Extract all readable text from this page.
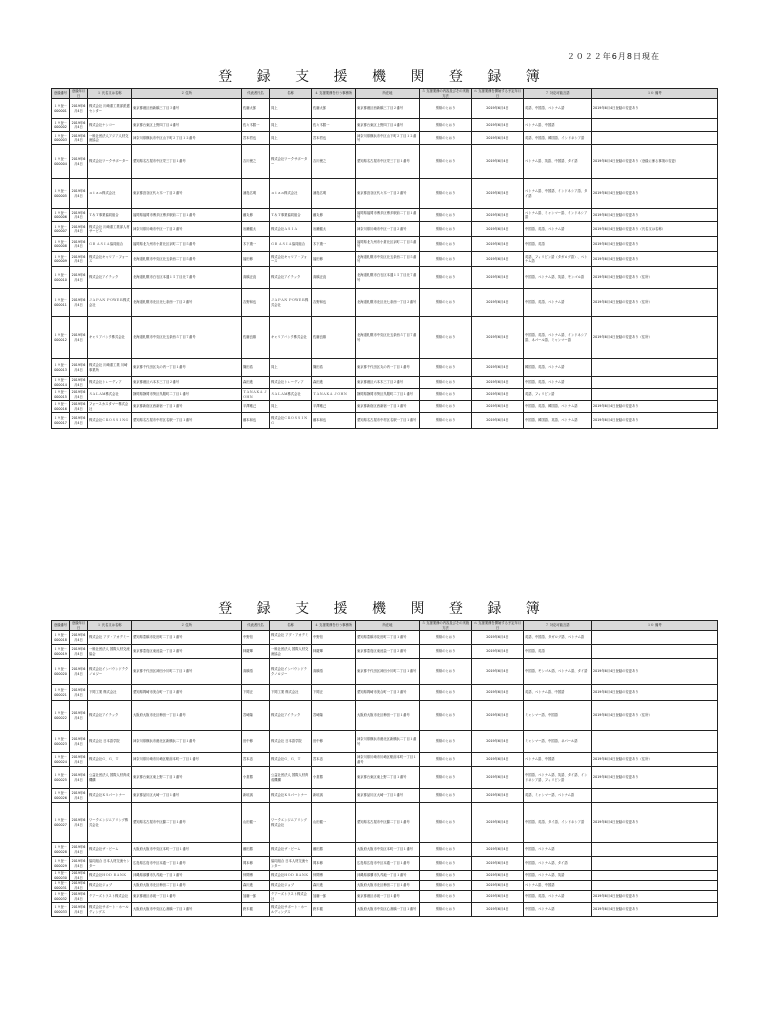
２０２２年6月8日現在
登 録 支 援 機 関 登 録 簿
登録番号	登録年月日	１ 氏名又は名称	２ 住所	代表者氏名	名称	４ 支援業務を行う事務所	所在地	５ 支援業務の内容及びその実施方法	６ 支援業務を開始する予定年月日	７ 対応可能言語	１０ 備考
１９登－000001	2019年6月4日	株式会社 川崎重工業部派遣センター	東京都港区西新橋三丁目３番号	佐藤太郎	同上	佐藤太郎	東京都港区西新橋三丁目２番号	別紙のとおり	2019年6月4日	英語、中国語、ベトナム語	2019年6月4日登録の変更あり
１９登－000002	2019年6月4日	株式会社ナンコー	東京都台東区上野四丁目４番号	佐々木勝一	同上	佐々木勝一	東京都台東区上野四丁目４番号	別紙のとおり	2019年6月4日	ベトナム語、中国語	
１９登－000003	2019年6月4日	一般社団法人アジア人材交流協会	神奈川県横浜市中区山下町２丁目１２番号	宮本哲也	同上	宮本哲也	神奈川県横浜市中区山下町２丁目１２番号	別紙のとおり	2019年6月4日	英語、中国語、韓国語、インドネシア語	
１９登－000004	2019年6月4日	株式会社ワークサポーター	愛知県名古屋市中区栄三丁目１番号	吉川俊之	株式会社ワークサポーター	吉川俊之	愛知県名古屋市中区栄三丁目１番号	別紙のとおり	2019年6月4日	ベトナム語、英語、中国語、タイ語	2019年6月4日登録の変更あり（登録に係る事項の変更）
１９登－000005	2019年6月4日	ａｉａａ株式会社	東京都渋谷区代々木一丁目２番号	浦島広明	ａｉａａ株式会社	浦島広明	東京都渋谷区代々木一丁目２番号	別紙のとおり	2019年6月4日	ベトナム語、中国語、インドネシア語、タイ語	2019年6月4日登録の変更あり
１９登－000006	2019年6月4日	Ｔ＆Ｔ事業協同組合	福岡県福岡市博多区博多駅前二丁目１番号	藤丸修	Ｔ＆Ｔ事業協同組合	藤丸修	福岡県福岡市博多区博多駅前二丁目１番号	別紙のとおり	2019年6月4日	ベトナム語、ミャンマー語、インドネシア語	2019年6月4日登録の変更あり
１９登－000007	2019年6月4日	株式会社 川崎重工業部人材サービス	神奈川県川崎市中区一丁目２番号	岩瀬健太	株式会社ＡＳＩＡ	岩瀬健太	神奈川県川崎市中区一丁目２番号	別紙のとおり	2019年6月4日	中国語、英語、ベトナム語	2019年6月4日登録の変更あり（氏名又は名称）
１９登－000008	2019年6月4日	ＧＢ ＡＳＩＡ協同組合	福岡県北九州市小倉北区京町二丁目５番号	木下康一	ＧＢ ＡＳＩＡ協同組合	木下康一	福岡県北九州市小倉北区京町二丁目５番号	別紙のとおり	2019年6月4日	中国語、英語	2019年6月4日登録の変更あり
１９登－000009	2019年6月4日	株式会社キャリア・フォース	北海道札幌市中央区北五条西二丁目５番号	福田修	株式会社キャリア・フォース	福田修	北海道札幌市中央区北五条西二丁目５番号	別紙のとおり	2019年6月4日	英語、フィリピン語（タガログ語）、ベトナム語	2019年6月4日登録の変更あり
１９登－000010	2019年6月4日	株式会社アイテック	北海道札幌市白石区本通１５丁目北７番号	高橋正直	株式会社アイテック	高橋正直	北海道札幌市白石区本通１５丁目北７番号	別紙のとおり	2019年6月4日	中国語、ベトナム語、英語、モンゴル語	2019年6月4日登録の変更あり（住所）
１９登－000011	2019年6月4日	ＪＡＰＡＮ ＰＯＷＥＲ株式会社	北海道札幌市北区北七条西一丁目２番号	吉野和也	ＪＡＰＡＮ ＰＯＷＥＲ株式会社	吉野和也	北海道札幌市北区北七条西一丁目２番号	別紙のとおり	2019年6月4日	中国語、英語、ベトナム語	2019年6月4日登録の変更あり（住所）
１９登－000012	2019年6月4日	キャリアバンク株式会社	北海道札幌市中央区北五条西５丁目７番号	佐藤良雄	キャリアバンク株式会社	佐藤良雄	北海道札幌市中央区北五条西５丁目７番号	別紙のとおり	2019年6月4日	中国語、英語、ベトナム語、インドネシア語、ネパール語、ミャンマー語	2019年6月4日登録の変更あり（住所）
１９登－000013	2019年6月4日	株式会社 川崎重工業 川崎事業所	東京都千代田区丸の内一丁目１番号	篠田浩	同上	篠田浩	東京都千代田区丸の内一丁目１番号	別紙のとおり	2019年6月4日	韓国語、英語、ベトナム語	
１９登－000014	2019年6月4日	株式会社トレーディア	東京都港区六本木三丁目２番号	森田進	株式会社トレーディア	森田進	東京都港区六本木三丁目２番号	別紙のとおり	2019年6月4日	中国語、英語、ベトナム語	
１９登－000015	2019年6月4日	ＳＡＬＡＭ株式会社	静岡県静岡市葵区呉服町二丁目１番号	ＴＡＮＡＫＡ ＪＯＨＮ	ＳＡＬＡＭ株式会社	ＴＡＮＡＫＡ ＪＯＨＮ	静岡県静岡市葵区呉服町二丁目１番号	別紙のとおり	2019年6月4日	英語、フィリピン語	
１９登－000016	2019年6月4日	フォースカスタマー株式会社	東京都新宿区西新宿一丁目１番号	平澤雅己	同上	平澤雅己	東京都新宿区西新宿一丁目１番号	別紙のとおり	2019年6月4日	中国語、英語、韓国語、ベトナム語	2019年6月4日登録の変更あり
１９登－000017	2019年6月4日	株式会社ＣＲＯＳＳＩＮＧ	愛知県名古屋市中村区名駅一丁目１番号	藤本和也	株式会社ＣＲＯＳＳＩＮＧ	藤本和也	愛知県名古屋市中村区名駅一丁目１番号	別紙のとおり	2019年6月4日	中国語、韓国語、英語、ベトナム語	2019年6月4日登録の変更あり
登 録 支 援 機 関 登 録 簿
登録番号	登録年月日	１ 氏名又は名称	２ 住所	代表者氏名	名称	４ 支援業務を行う事務所	所在地	５ 支援業務の内容及びその実施方法	６ 支援業務を開始する予定年月日	７ 対応可能言語	１０ 備考
１９登－000018	2019年6月4日	株式会社 アプ・アカデミー	愛知県豊橋市花田町二丁目１番号	中野信	株式会社 アプ・アカデミー	中野信	愛知県豊橋市花田町二丁目１番号	別紙のとおり	2019年6月4日	英語、中国語、タガログ語、ベトナム語	
１９登－000019	2019年6月4日	一般社団法人 国際人材交流協会	東京都豊島区東池袋一丁目２番号	林慶輝	一般社団法人 国際人材交流協会	林慶輝	東京都豊島区東池袋一丁目２番号	別紙のとおり	2019年6月4日	中国語、英語	
１９登－000020	2019年6月4日	株式会社インバウンドテクノロジー	東京都千代田区神田小川町二丁目１番号	高橋悟	株式会社インバウンドテクノロジー	高橋悟	東京都千代田区神田小川町二丁目１番号	別紙のとおり	2019年6月4日	中国語、モンゴル語、ベトナム語、タイ語	2019年6月4日登録の変更あり
１９登－000021	2019年6月4日	下岡工業 株式会社	愛知県岡崎市美合町一丁目３番号	下岡正	下岡工業 株式会社	下岡正	愛知県岡崎市美合町一丁目３番号	別紙のとおり	2019年6月4日	英語、ベトナム語、中国語	2019年6月4日登録の変更あり
１９登－000022	2019年6月4日	株式会社アイテック	大阪府大阪市北区梅田一丁目１番号	宮崎隆	株式会社アイテック	宮崎隆	大阪府大阪市北区梅田一丁目１番号	別紙のとおり	2019年6月4日	ミャンマー語、中国語	2019年6月4日登録の変更あり（住所）
１９登－000023	2019年6月4日	株式会社 日本語学院	神奈川県横浜市港北区新横浜二丁目１番号	田中修	株式会社 日本語学院	田中修	神奈川県横浜市港北区新横浜二丁目１番号	別紙のとおり	2019年6月4日	ミャンマー語、中国語、ネパール語	
１９登－000024	2019年6月4日	株式会社Ｇ．Ｇ．Ｔ	神奈川県川崎市川崎区駅前本町一丁目１番号	宮本忠	株式会社Ｇ．Ｇ．Ｔ	宮本忠	神奈川県川崎市川崎区駅前本町一丁目１番号	別紙のとおり	2019年6月4日	ベトナム語、中国語	2019年6月4日登録の変更あり（住所）
１９登－000025	2019年6月4日	公益社団法人 国際人材育成機構	東京都台東区東上野二丁目１番号	小倉勝	公益社団法人 国際人材育成機構	小倉勝	東京都台東区東上野二丁目１番号	別紙のとおり	2019年6月4日	中国語、ベトナム語、英語、タイ語、インドネシア語、フィリピン語	2019年6月4日登録の変更あり
１９登－000026	2019年6月4日	株式会社ＫＳパートナー	東京都品川区大崎一丁目１番号	新垣誠	株式会社ＫＳパートナー	新垣誠	東京都品川区大崎一丁目１番号	別紙のとおり	2019年6月4日	英語、ミャンマー語、ベトナム語	
１９登－000027	2019年6月4日	ワークエンジニアリング株式会社	愛知県名古屋市中区錦二丁目１番号	山田健一	ワークエンジニアリング株式会社	山田健一	愛知県名古屋市中区錦二丁目１番号	別紙のとおり	2019年6月4日	中国語、英語、タイ語、インドネシア語	2019年6月4日登録の変更あり
１９登－000028	2019年6月4日	株式会社ザ・ビーム	大阪府大阪市中央区本町一丁目１番号	藤田勝	株式会社ザ・ビーム	藤田勝	大阪府大阪市中央区本町一丁目１番号	別紙のとおり	2019年6月4日	中国語、ベトナム語	
１９登－000029	2019年6月4日	協同組合 日本人材交流センター	広島県広島市中区本通一丁目１番号	岡本修	協同組合 日本人材交流センター	岡本修	広島県広島市中区本通一丁目１番号	別紙のとおり	2019年6月4日	中国語、ベトナム語、タイ語	
１９登－000030	2019年6月4日	株式会社ＨＯＤ ＢＡＮＫ	沖縄県那覇市久茂地一丁目１番号	仲間博	株式会社ＨＯＤ ＢＡＮＫ	仲間博	沖縄県那覇市久茂地一丁目１番号	別紙のとおり	2019年6月4日	中国語、ベトナム語、英語	
１９登－000031	2019年6月4日	株式会社ジョブ	大阪府大阪市北区梅田二丁目１番号	森川進	株式会社ジョブ	森川進	大阪府大阪市北区梅田二丁目１番号	別紙のとおり	2019年6月4日	ベトナム語、中国語	
１９登－000032	2019年6月4日	テアーズトラスト株式会社	東京都港区赤坂一丁目１番号	加藤一郎	テアーズトラスト株式会社	加藤一郎	東京都港区赤坂一丁目１番号	別紙のとおり	2019年6月4日	中国語、英語、ベトナム語	2019年6月4日登録の変更あり
１９登－000033	2019年6月4日	株式会社サポート・ホールディングス	大阪府大阪市中央区心斎橋一丁目１番号	鈴木健	株式会社サポート・ホールディングス	鈴木健	大阪府大阪市中央区心斎橋一丁目１番号	別紙のとおり	2019年6月4日	中国語、ベトナム語	2019年6月4日登録の変更あり
